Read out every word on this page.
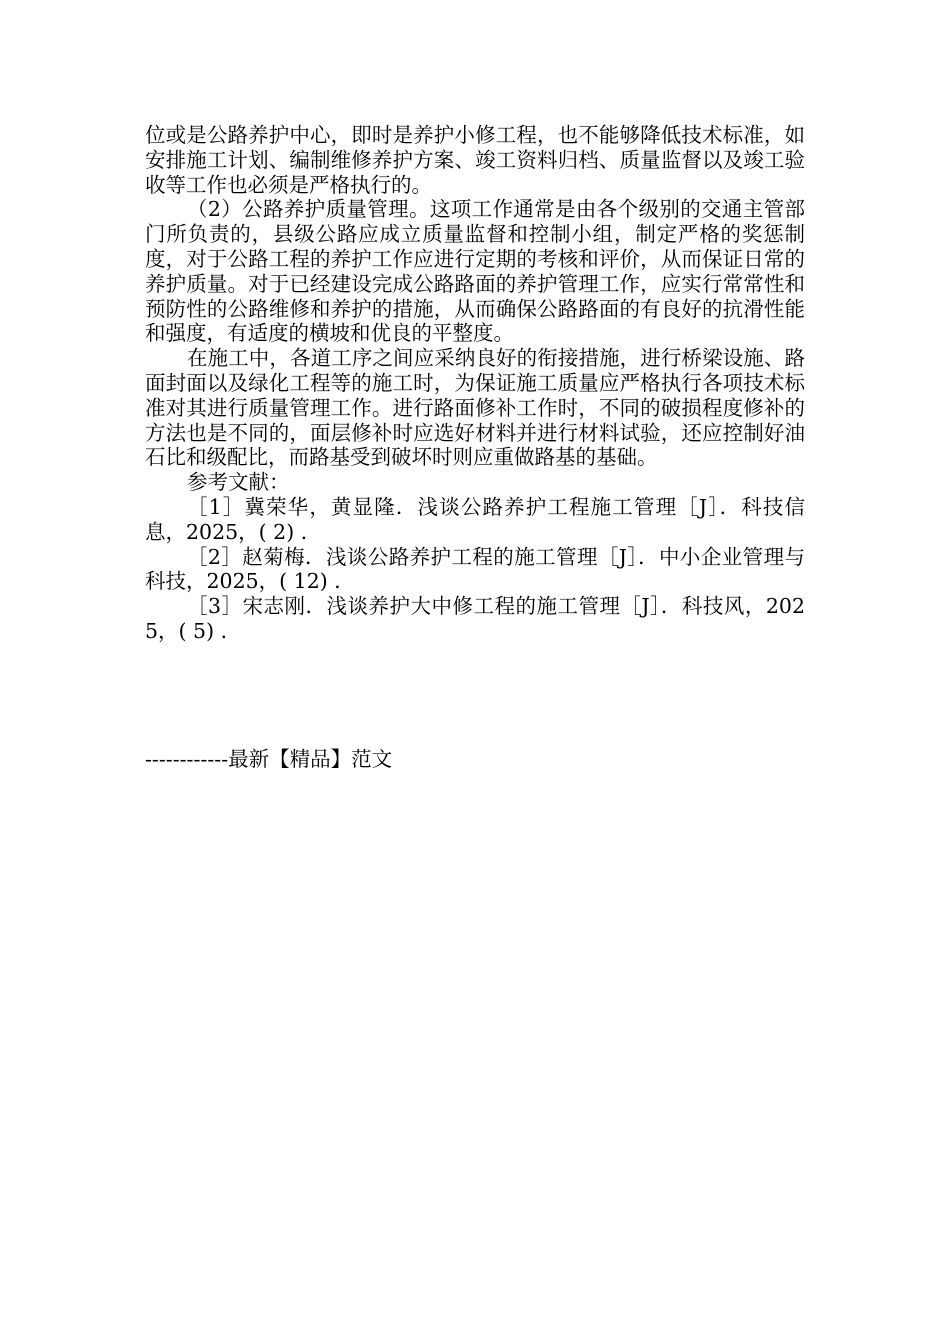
位或是公路养护中心，即时是养护小修工程，也不能够降低技术标准，如安排施工计划、编制维修养护方案、竣工资料归档、质量监督以及竣工验收等工作也必须是严格执行的。

（2）公路养护质量管理。这项工作通常是由各个级别的交通主管部门所负责的，县级公路应成立质量监督和控制小组，制定严格的奖惩制度，对于公路工程的养护工作应进行定期的考核和评价，从而保证日常的养护质量。对于已经建设完成公路路面的养护管理工作，应实行常常性和预防性的公路维修和养护的措施，从而确保公路路面的有良好的抗滑性能和强度，有适度的横坡和优良的平整度。

在施工中，各道工序之间应采纳良好的衔接措施，进行桥梁设施、路面封面以及绿化工程等的施工时，为保证施工质量应严格执行各项技术标准对其进行质量管理工作。进行路面修补工作时，不同的破损程度修补的方法也是不同的，面层修补时应选好材料并进行材料试验，还应控制好油石比和级配比，而路基受到破坏时则应重做路基的基础。

参考文献：

［1］冀荣华，黄显隆．浅谈公路养护工程施工管理［J］．科技信息，2025，( 2) ．

［2］赵菊梅．浅谈公路养护工程的施工管理［J］．中小企业管理与科技，2025，( 12) ．

［3］宋志刚．浅谈养护大中修工程的施工管理［J］．科技风，2025，( 5) ．

------------最新【精品】范文
